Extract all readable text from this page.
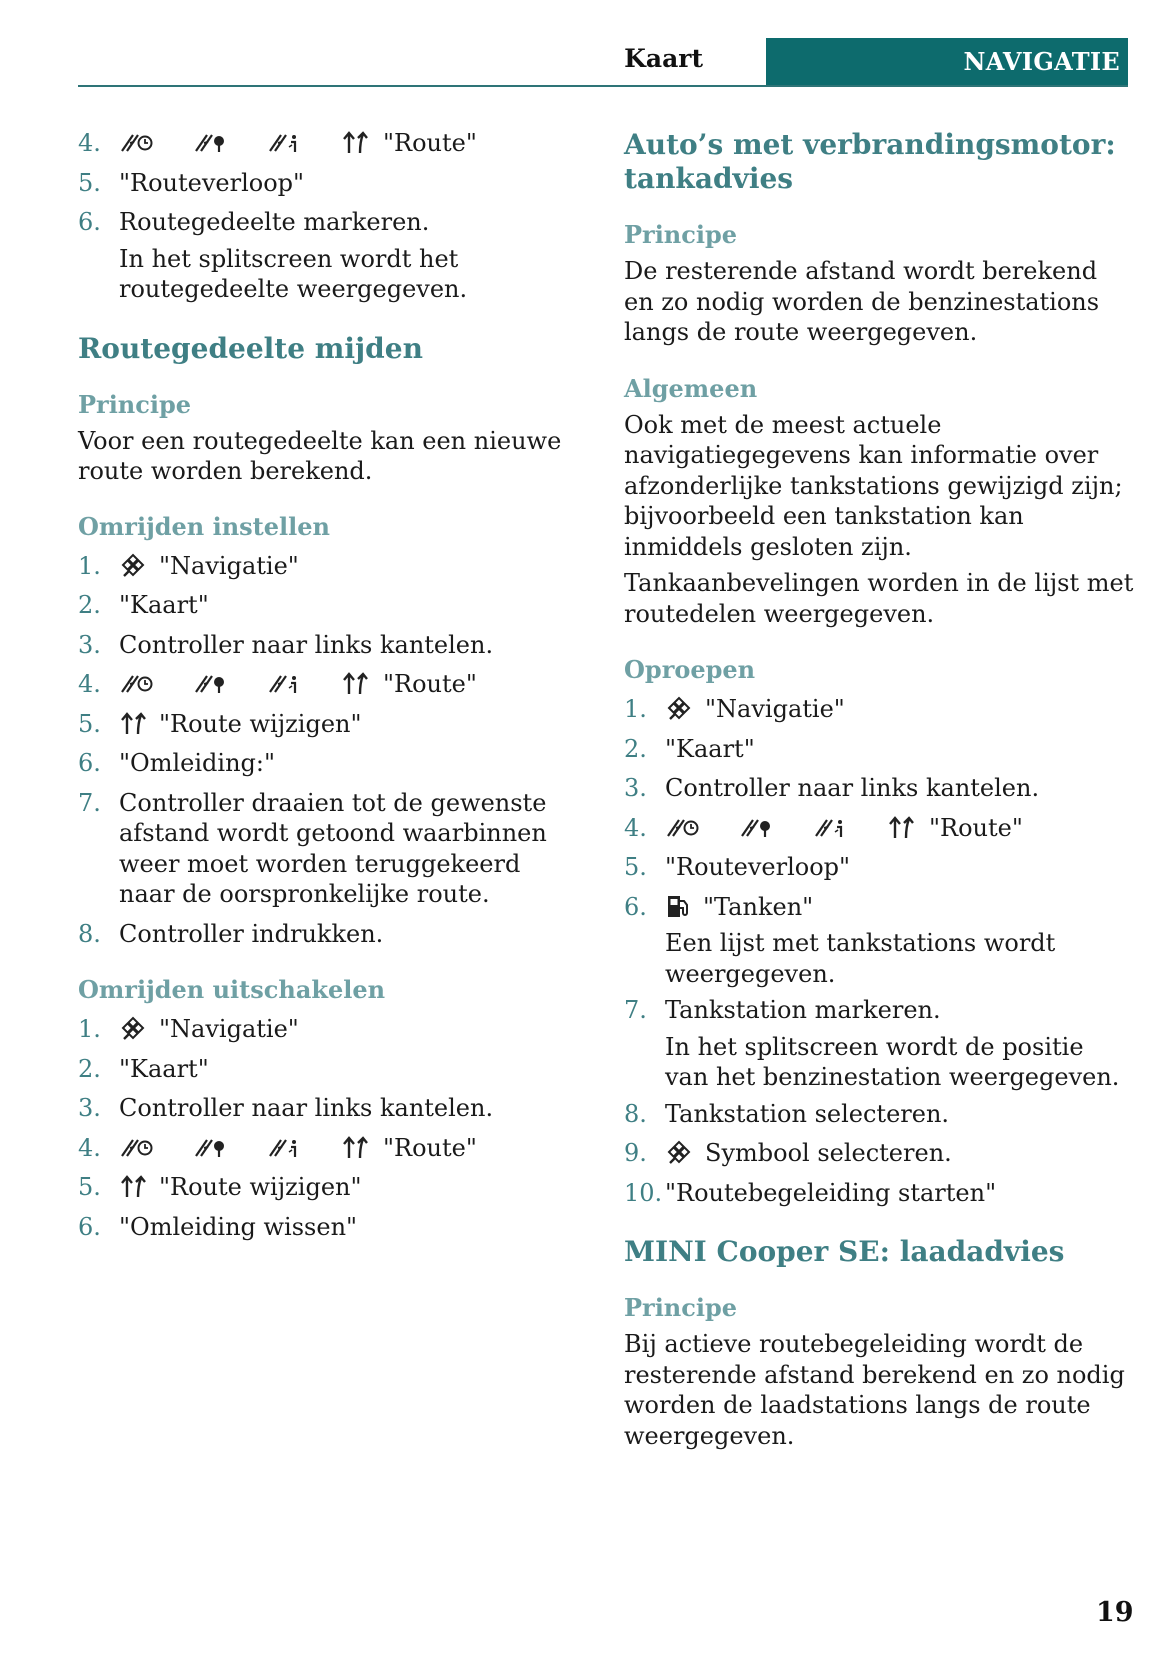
Kaart	NAVIGATIE
4.	"Route"
5. "Routeverloop"
6. Routegedeelte markeren.
In het splitscreen wordt het routegedeelte weergegeven.
Routegedeelte mijden
Principe
Voor een routegedeelte kan een nieuwe route worden berekend.
Omrijden instellen
1. "Navigatie"
2. "Kaart"
3. Controller naar links kantelen.
4.	"Route"
5. "Route wijzigen"
6. "Omleiding:"
7. Controller draaien tot de gewenste afstand wordt getoond waarbinnen weer moet worden teruggekeerd naar de oorspronkelijke route.
8. Controller indrukken.
Omrijden uitschakelen
1. "Navigatie"
2. "Kaart"
3. Controller naar links kantelen.
4.	"Route"
5. "Route wijzigen"
6. "Omleiding wissen"
Auto’s met verbrandingsmotor: tankadvies
Principe
De resterende afstand wordt berekend en zo nodig worden de benzinestations langs de route weergegeven.
Algemeen
Ook met de meest actuele navigatiegegevens kan informatie over afzonderlijke tankstations gewijzigd zijn; bijvoorbeeld een tankstation kan inmiddels gesloten zijn.
Tankaanbevelingen worden in de lijst met routedelen weergegeven.
Oproepen
1. "Navigatie"
2. "Kaart"
3. Controller naar links kantelen.
4.	"Route"
5. "Routeverloop"
6. "Tanken"
Een lijst met tankstations wordt weergegeven.
7. Tankstation markeren.
In het splitscreen wordt de positie van het benzinestation weergegeven.
8. Tankstation selecteren.
9. Symbool selecteren.
10. "Routebegeleiding starten"
MINI Cooper SE: laadadvies
Principe
Bij actieve routebegeleiding wordt de resterende afstand berekend en zo nodig worden de laadstations langs de route weergegeven.
19
